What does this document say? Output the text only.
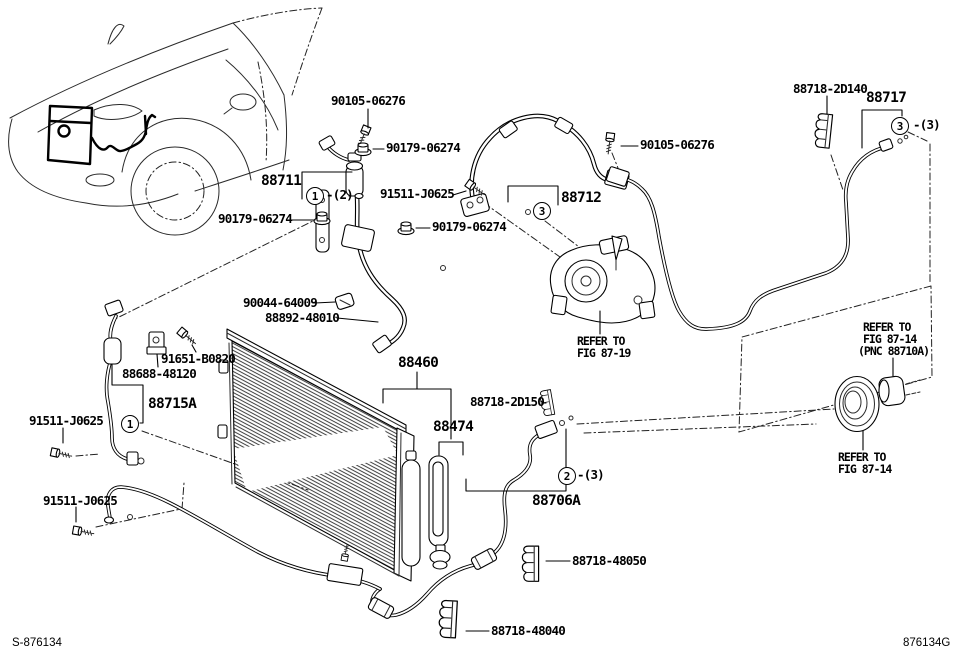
90105-06276
90179-06274
88711
-(2) 91511-J0625
90179-06274
90179-06274
90044-64009
88892-48010
88712
90105-06276
88718-2D140
88717
-(3)
REFER TO
FIG 87-19
88460
88474
88718-2D150
-(3)
88706A
REFER TO
FIG 87-14
(PNC 88710A)
REFER TO
FIG 87-14
88718-48050
88718-48040
91651-B0820
88688-48120
88715A
91511-J0625
91511-J0625
S-876134	876134G
1
1
2
3
3
